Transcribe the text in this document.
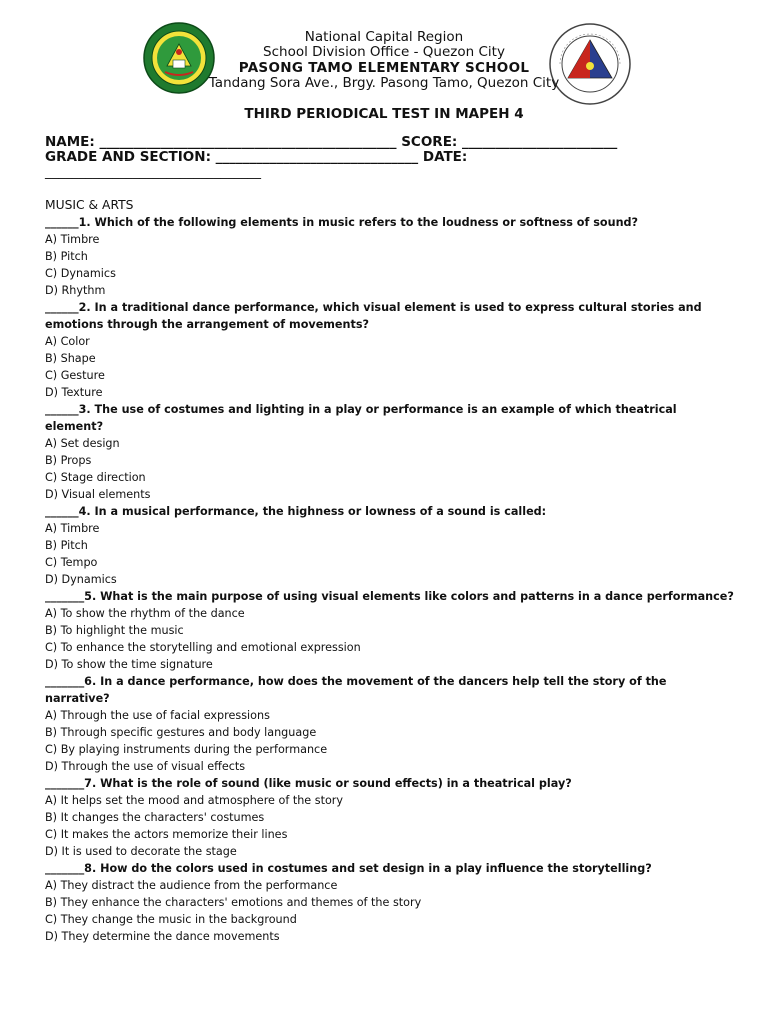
National Capital Region
School Division Office - Quezon City
PASONG TAMO ELEMENTARY SCHOOL
Tandang Sora Ave., Brgy. Pasong Tamo, Quezon City
THIRD PERIODICAL TEST IN MAPEH 4
NAME: ____________________________________________ SCORE: _______________________
GRADE AND SECTION: ______________________________ DATE:
________________________________
MUSIC & ARTS
______1. Which of the following elements in music refers to the loudness or softness of sound?
A) Timbre
B) Pitch
C) Dynamics
D) Rhythm
______2. In a traditional dance performance, which visual element is used to express cultural stories and emotions through the arrangement of movements?
A) Color
B) Shape
C) Gesture
D) Texture
______3. The use of costumes and lighting in a play or performance is an example of which theatrical element?
A) Set design
B) Props
C) Stage direction
D) Visual elements
______4. In a musical performance, the highness or lowness of a sound is called:
A) Timbre
B) Pitch
C) Tempo
D) Dynamics
_______5. What is the main purpose of using visual elements like colors and patterns in a dance performance?
A) To show the rhythm of the dance
B) To highlight the music
C) To enhance the storytelling and emotional expression
D) To show the time signature
_______6. In a dance performance, how does the movement of the dancers help tell the story of the narrative?
A) Through the use of facial expressions
B) Through specific gestures and body language
C) By playing instruments during the performance
D) Through the use of visual effects
_______7. What is the role of sound (like music or sound effects) in a theatrical play?
A) It helps set the mood and atmosphere of the story
B) It changes the characters' costumes
C) It makes the actors memorize their lines
D) It is used to decorate the stage
_______8. How do the colors used in costumes and set design in a play influence the storytelling?
A) They distract the audience from the performance
B) They enhance the characters' emotions and themes of the story
C) They change the music in the background
D) They determine the dance movements
